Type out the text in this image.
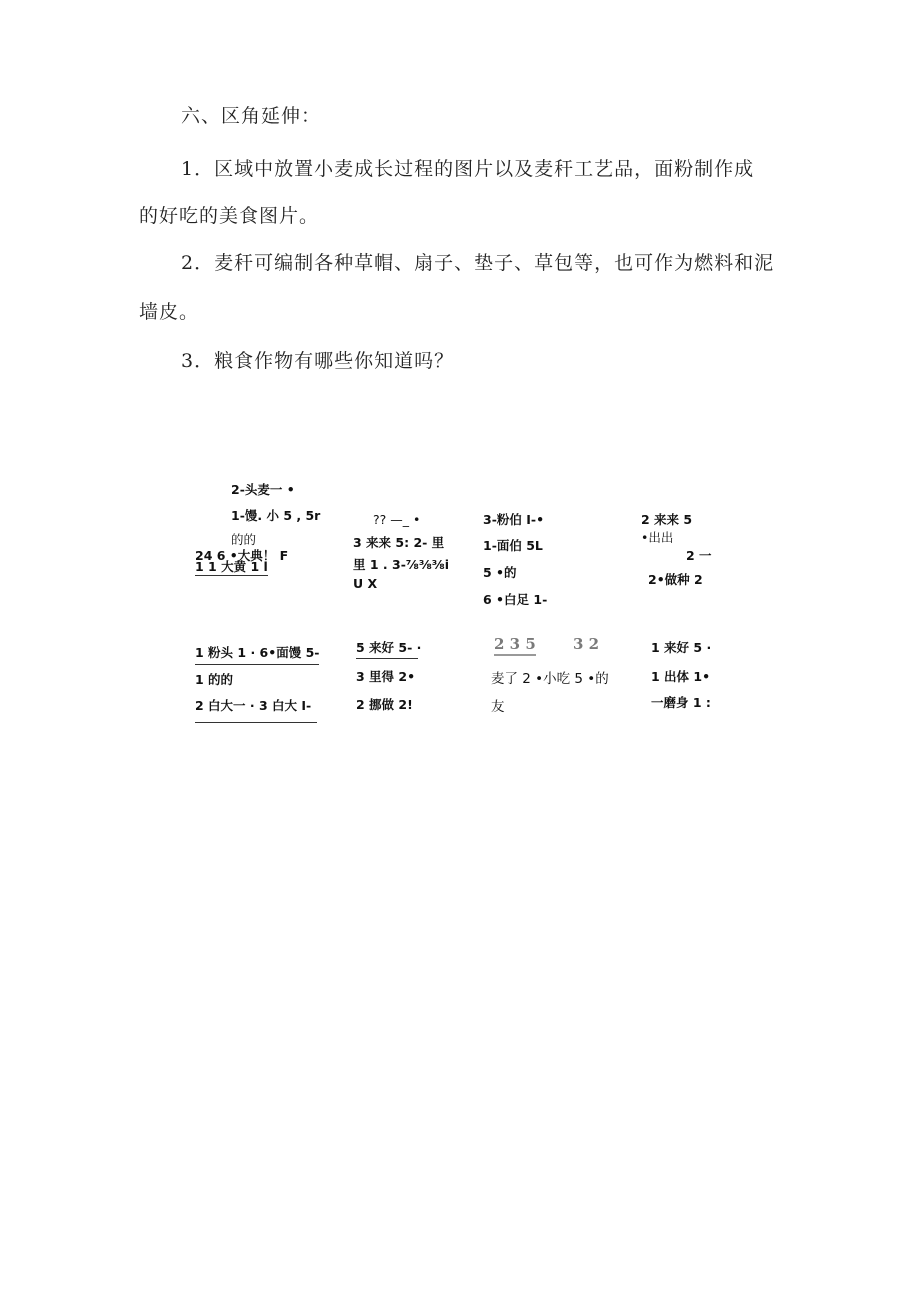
六、区角延伸：
1．区域中放置小麦成长过程的图片以及麦秆工艺品，面粉制作成
的好吃的美食图片。
2．麦秆可编制各种草帽、扇子、垫子、草包等，也可作为燃料和泥
墙皮。
3．粮食作物有哪些你知道吗？
2-头麦一 •
1-馒. 小 5 , 5r
的的
24 6 •大典！ F
1 1 大黄 1 l
?? —_ •
3 来来 5: 2- 里
里 1 . 3-⅞⅜⅜i
U X
3-粉伯 I-•
1-面伯 5L
5 •的
6 •白足 1-
2 来来 5
•出出
2 一
2•做种 2
1 粉头 1 · 6•面馒 5-
1 的的
2 白大一 · 3 白大 I-
5 来好 5- ·
3 里得 2•
2 挪做 2!
2 3 5 3 2
麦了 2 •小吃 5 •的
友
1 来好 5 ·
1 出体 1•
一磨身 1 :
